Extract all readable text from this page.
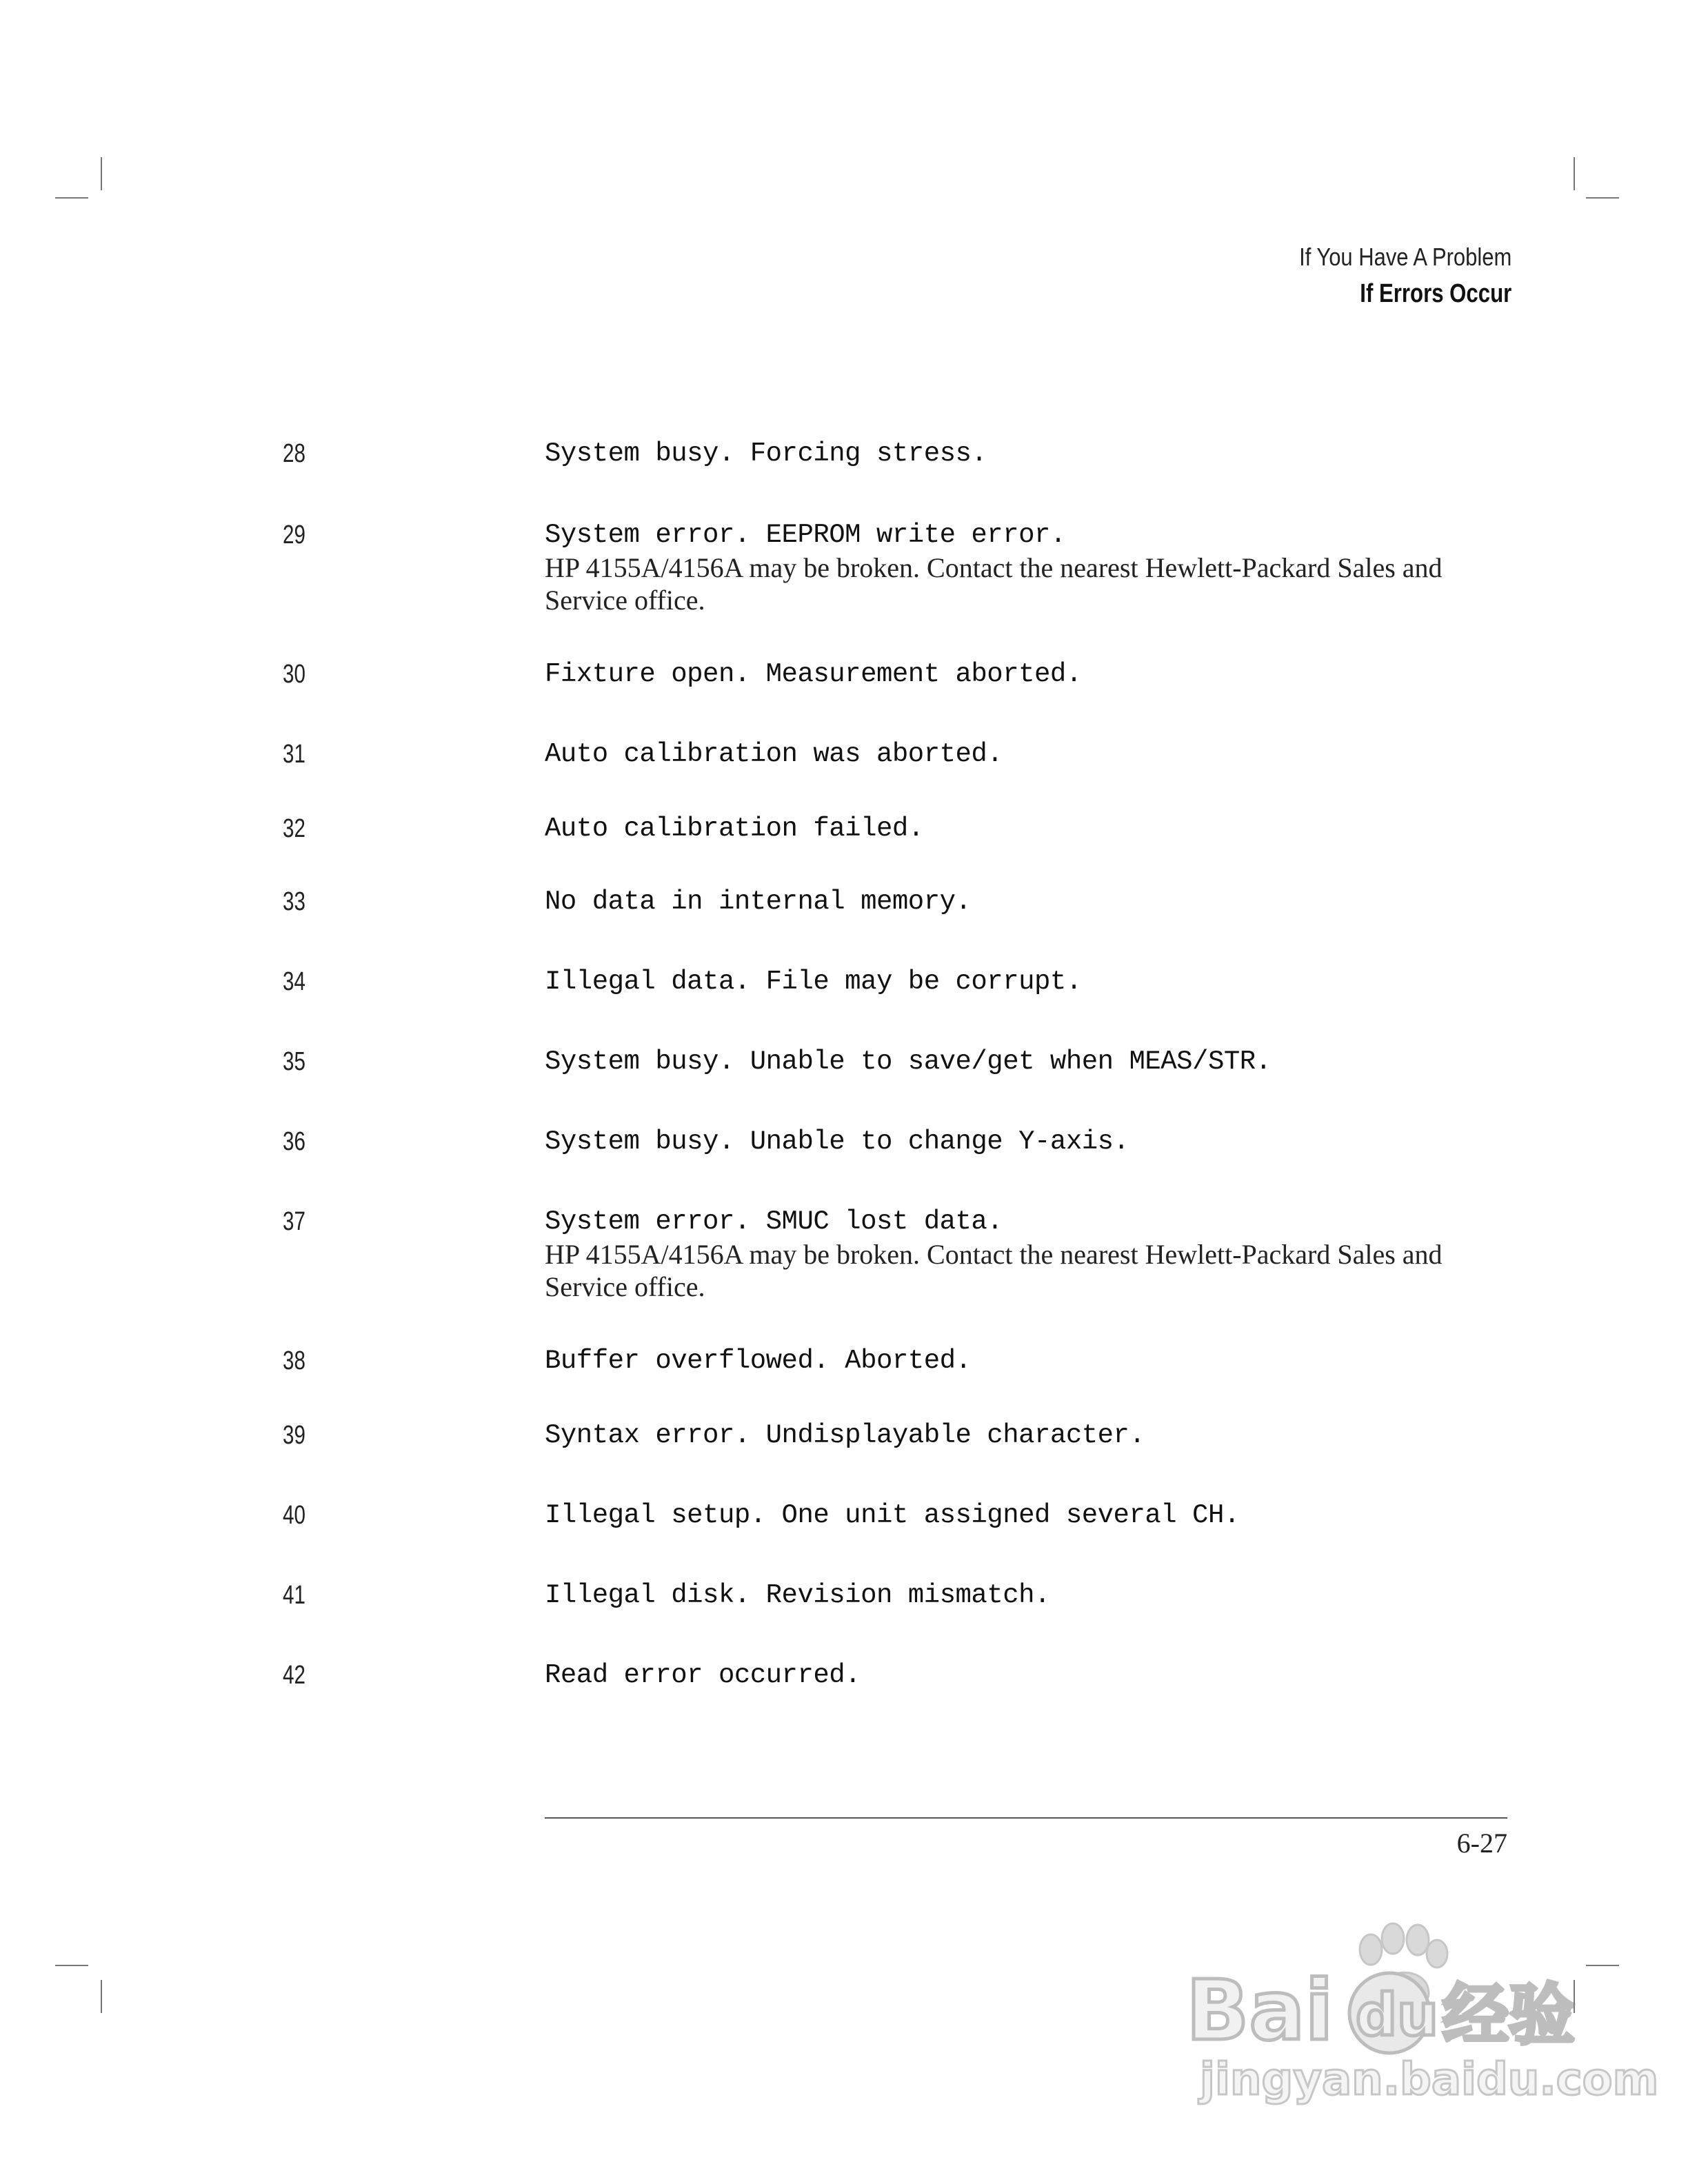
If You Have A Problem
If Errors Occur
28	System busy. Forcing stress.
29	System error. EEPROM write error.
HP 4155A/4156A may be broken. Contact the nearest Hewlett-Packard Sales and Service office.
30	Fixture open. Measurement aborted.
31	Auto calibration was aborted.
32	Auto calibration failed.
33	No data in internal memory.
34	Illegal data. File may be corrupt.
35	System busy. Unable to save/get when MEAS/STR.
36	System busy. Unable to change Y-axis.
37	System error. SMUC lost data.
HP 4155A/4156A may be broken. Contact the nearest Hewlett-Packard Sales and Service office.
38	Buffer overflowed. Aborted.
39	Syntax error. Undisplayable character.
40	Illegal setup. One unit assigned several CH.
41	Illegal disk. Revision mismatch.
42	Read error occurred.
6-27
Bai du 经验
jingyan.baidu.com
